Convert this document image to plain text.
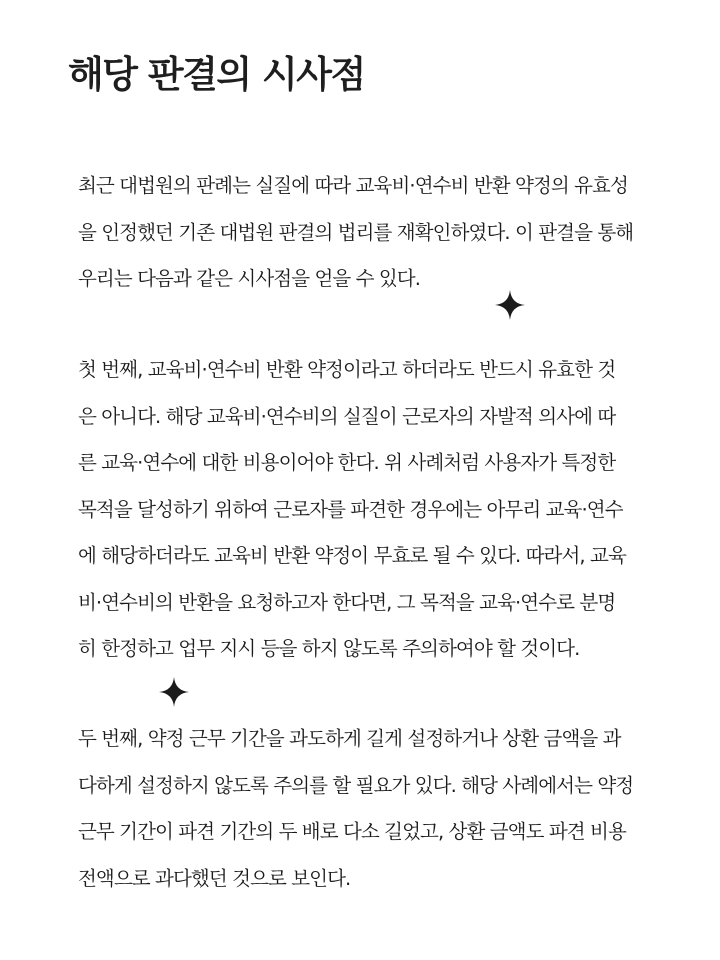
해당 판결의 시사점
최근 대법원의 판례는 실질에 따라 교육비·연수비 반환 약정의 유효성
을 인정했던 기존 대법원 판결의 법리를 재확인하였다. 이 판결을 통해
우리는 다음과 같은 시사점을 얻을 수 있다.
첫 번째, 교육비·연수비 반환 약정이라고 하더라도 반드시 유효한 것
은 아니다. 해당 교육비·연수비의 실질이 근로자의 자발적 의사에 따
른 교육·연수에 대한 비용이어야 한다. 위 사례처럼 사용자가 특정한
목적을 달성하기 위하여 근로자를 파견한 경우에는 아무리 교육·연수
에 해당하더라도 교육비 반환 약정이 무효로 될 수 있다. 따라서, 교육
비·연수비의 반환을 요청하고자 한다면, 그 목적을 교육·연수로 분명
히 한정하고 업무 지시 등을 하지 않도록 주의하여야 할 것이다.
두 번째, 약정 근무 기간을 과도하게 길게 설정하거나 상환 금액을 과
다하게 설정하지 않도록 주의를 할 필요가 있다. 해당 사례에서는 약정
근무 기간이 파견 기간의 두 배로 다소 길었고, 상환 금액도 파견 비용
전액으로 과다했던 것으로 보인다.
